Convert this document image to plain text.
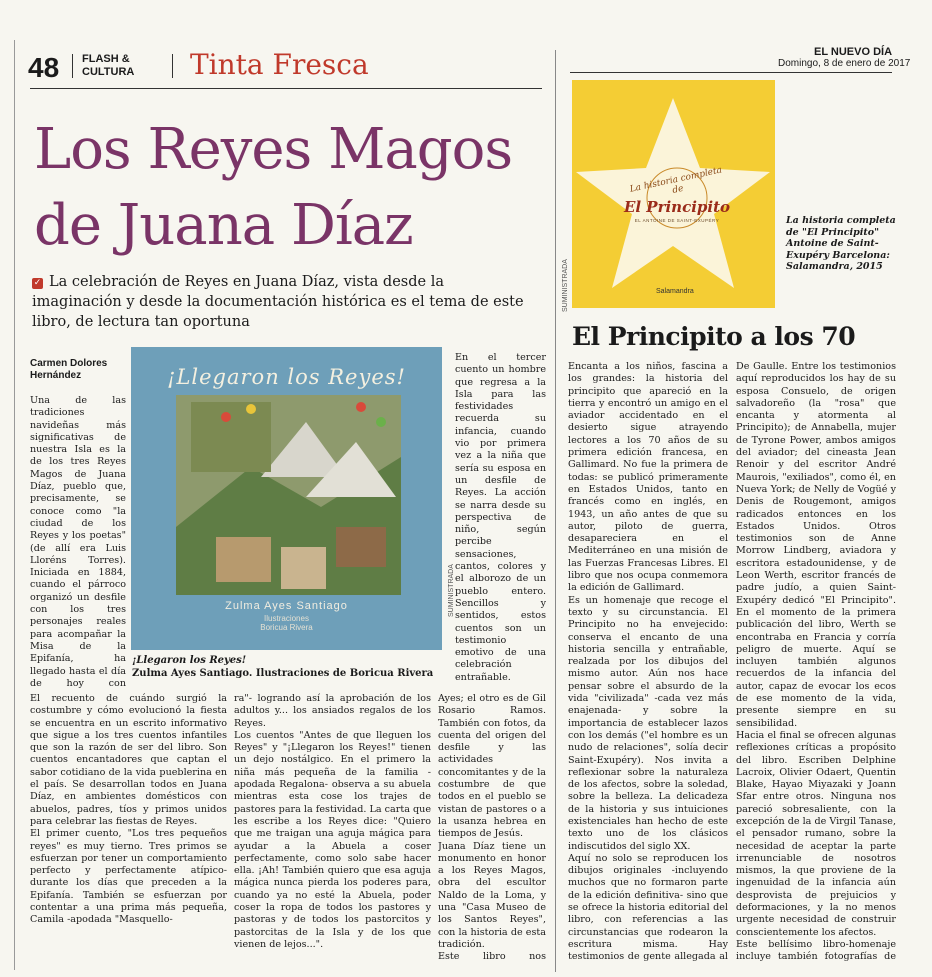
48 FLASH &
CULTURA Tinta Fresca	EL NUEVO DÍA
Domingo, 8 de enero de 2017
Los Reyes Magos
de Juana Díaz
✓ La celebración de Reyes en Juana Díaz, vista desde la imaginación y desde la documentación histórica es el tema de este libro, de lectura tan oportuna
Carmen Dolores Hernández
Una de las tradiciones navideñas más significativas de nuestra Isla es la de los tres Reyes Magos de Juana Díaz, pueblo que, precisamente, se conoce como "la ciudad de los Reyes y los poetas" (de allí era Luis Lloréns Torres). Iniciada en 1884, cuando el párroco organizó un desfile con los tres personajes reales para acompañar la Misa de la Epifanía, ha llegado hasta el día de hoy con
¡Llegaron los Reyes!
Zulma Ayes Santiago
Ilustraciones
Boricua Rivera
SUMINISTRADA
¡Llegaron los Reyes!
Zulma Ayes Santiago. Ilustraciones de Boricua Rivera
En el tercer cuento un hombre que regresa a la Isla para las festividades recuerda su infancia, cuando vio por primera vez a la niña que sería su esposa en un desfile de Reyes. La acción se narra desde su perspectiva de niño, según percibe sensaciones, cantos, colores y el alborozo de un pueblo entero. Sencillos y sentidos, estos cuentos son un testimonio emotivo de una celebración entrañable.
El recuento de cuándo surgió la costumbre y cómo evolucionó la fiesta se encuentra en un escrito informativo que sigue a los tres cuentos infantiles que son la razón de ser del libro. Son cuentos encantadores que captan el sabor cotidiano de la vida pueblerina en el país. Se desarrollan todos en Juana Díaz, en ambientes domésticos con abuelos, padres, tíos y primos unidos para celebrar las fiestas de Reyes.
El primer cuento, "Los tres pequeños reyes" es muy tierno. Tres primos se esfuerzan por tener un comportamiento perfecto y perfectamente atípico- durante los días que preceden a la Epifanía. También se esfuerzan por contentar a una prima más pequeña, Camila -apodada "Masquello-
ra"- logrando así la aprobación de los adultos y... los ansiados regalos de los Reyes.
Los cuentos "Antes de que lleguen los Reyes" y "¡Llegaron los Reyes!" tienen un dejo nostálgico. En el primero la niña más pequeña de la familia -apodada Regalona- observa a su abuela mientras esta cose los trajes de pastores para la festividad. La carta que les escribe a los Reyes dice: "Quiero que me traigan una aguja mágica para ayudar a la Abuela a coser perfectamente, como solo sabe hacer ella. ¡Ah! También quiero que esa aguja mágica nunca pierda los poderes para, cuando ya no esté la Abuela, poder coser la ropa de todos los pastores y pastoras y de todos los pastorcitos y pastorcitas de la Isla y de los que vienen de lejos...".
Ayes; el otro es de Gil Rosario Ramos. También con fotos, da cuenta del origen del desfile y las actividades concomitantes y de la costumbre de que todos en el pueblo se vistan de pastores o a la usanza hebrea en tiempos de Jesús.
Juana Díaz tiene un monumento en honor a los Reyes Magos, obra del escultor Naldo de la Loma, y una "Casa Museo de los Santos Reyes", con la historia de esta tradición.
Este libro nos
La historia completa de
El Principito
EL ANTOINE DE SAINT-EXUPÉRY
Salamandra
SUMINISTRADA
La historia completa de "El Principito" Antoine de Saint-Exupéry Barcelona: Salamandra, 2015
El Principito a los 70
Encanta a los niños, fascina a los grandes: la historia del principito que apareció en la tierra y encontró un amigo en el aviador accidentado en el desierto sigue atrayendo lectores a los 70 años de su primera edición francesa, en Gallimard. No fue la primera de todas: se publicó primeramente en Estados Unidos, tanto en francés como en inglés, en 1943, un año antes de que su autor, piloto de guerra, desapareciera en el Mediterráneo en una misión de las Fuerzas Francesas Libres. El libro que nos ocupa conmemora la edición de Gallimard.
Es un homenaje que recoge el texto y su circunstancia. El Principito no ha envejecido: conserva el encanto de una historia sencilla y entrañable, realzada por los dibujos del mismo autor. Aún nos hace pensar sobre el absurdo de la vida "civilizada" -cada vez más enajenada- y sobre la importancia de establecer lazos con los demás ("el hombre es un nudo de relaciones", solía decir Saint-Exupéry). Nos invita a reflexionar sobre la naturaleza de los afectos, sobre la soledad, sobre la belleza. La delicadeza de la historia y sus intuiciones existenciales han hecho de este texto uno de los clásicos indiscutidos del siglo XX.
Aquí no solo se reproducen los dibujos originales -incluyendo muchos que no formaron parte de la edición definitiva- sino que se ofrece la historia editorial del libro, con referencias a las circunstancias que rodearon la escritura misma. Hay testimonios de gente allegada al
De Gaulle. Entre los testimonios aquí reproducidos los hay de su esposa Consuelo, de origen salvadoreño (la "rosa" que encanta y atormenta al Principito); de Annabella, mujer de Tyrone Power, ambos amigos del aviador; del cineasta Jean Renoir y del escritor André Maurois, "exiliados", como él, en Nueva York; de Nelly de Vogüé y Denis de Rougemont, amigos radicados entonces en los Estados Unidos. Otros testimonios son de Anne Morrow Lindberg, aviadora y escritora estadounidense, y de Leon Werth, escritor francés de padre judío, a quien Saint-Exupéry dedicó "El Principito". En el momento de la primera publicación del libro, Werth se encontraba en Francia y corría peligro de muerte. Aquí se incluyen también algunos recuerdos de la infancia del autor, capaz de evocar los ecos de ese momento de la vida, presente siempre en su sensibilidad.
Hacia el final se ofrecen algunas reflexiones críticas a propósito del libro. Escriben Delphine Lacroix, Olivier Odaert, Quentin Blake, Hayao Miyazaki y Joann Sfar entre otros. Ninguna nos pareció sobresaliente, con la excepción de la de Virgil Tanase, el pensador rumano, sobre la necesidad de aceptar la parte irrenunciable de nosotros mismos, la que proviene de la ingenuidad de la infancia aún desprovista de prejuicios y deformaciones, y la no menos urgente necesidad de construir conscientemente los afectos.
Este bellísimo libro-homenaje incluye también fotografías de
